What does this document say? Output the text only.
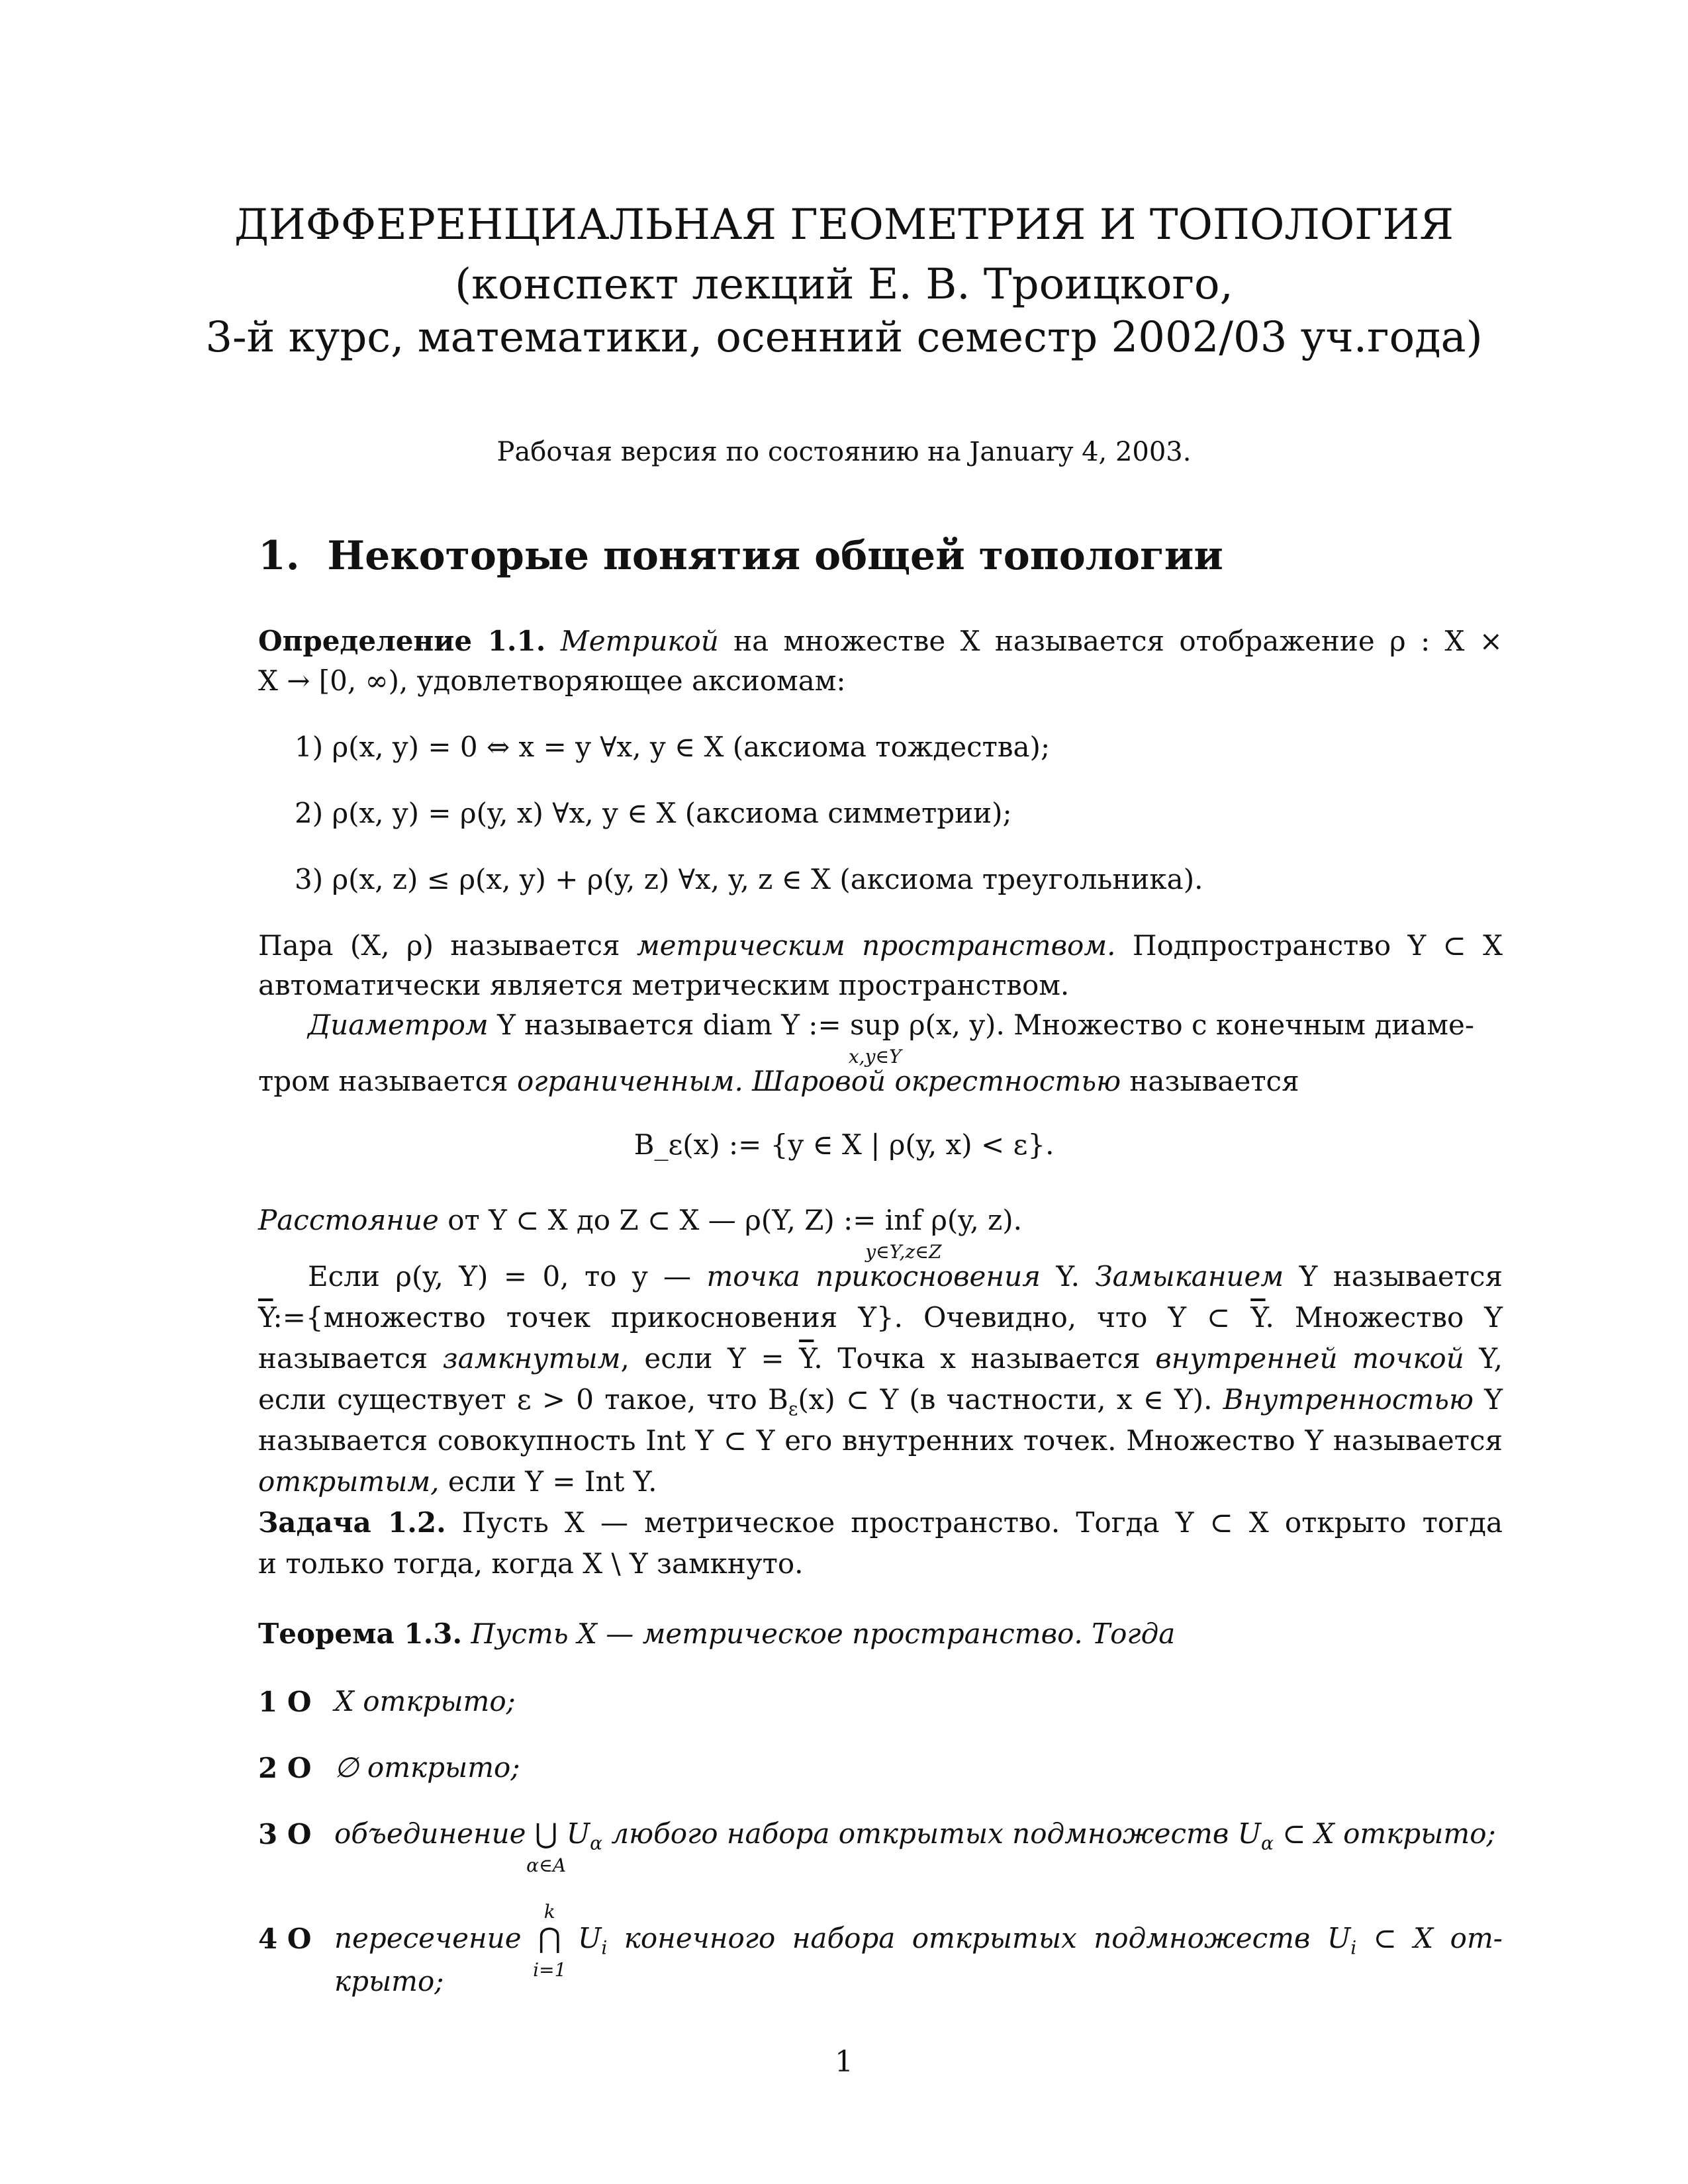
ДИФФЕРЕНЦИАЛЬНАЯ ГЕОМЕТРИЯ И ТОПОЛОГИЯ
(конспект лекций Е. В. Троицкого,
3-й курс, математики, осенний семестр 2002/03 уч.года)
Рабочая версия по состоянию на January 4, 2003.
1. Некоторые понятия общей топологии
Определение 1.1. Метрикой на множестве X называется отображение ρ : X ×
X → [0, ∞), удовлетворяющее аксиомам:
1) ρ(x, y) = 0 ⇔ x = y ∀x, y ∈ X (аксиома тождества);
2) ρ(x, y) = ρ(y, x) ∀x, y ∈ X (аксиома симметрии);
3) ρ(x, z) ≤ ρ(x, y) + ρ(y, z) ∀x, y, z ∈ X (аксиома треугольника).
Пара (X, ρ) называется метрическим пространством. Подпространство Y ⊂ X
автоматически является метрическим пространством.
Диаметром Y называется diam Y := sup
x,y∈Y
ρ(x, y). Множество с конечным диаме-
тром называется ограниченным. Шаровой окрестностью называется
B_ε(x) := {y ∈ X | ρ(y, x) < ε}.
Расстояние от Y ⊂ X до Z ⊂ X — ρ(Y, Z) := inf
y∈Y,z∈Z
ρ(y, z).
Если ρ(y, Y) = 0, то y — точка прикосновения Y. Замыканием Y называется
$\overline{Y}:=\{множество$ точек прикосновения Y}. Очевидно, что Y ⊂ $\overline{Y}$. Множество Y
называется замкнутым, если $Y = \overline{Y}$. Точка x называется внутренней точкой Y,
если существует ε > 0 такое, что $B_\varepsilon(x)$ ⊂ Y (в частности, x ∈ Y). Внутренностью Y
называется совокупность Int Y ⊂ Y его внутренних точек. Множество Y называется
открытым, если Y = Int Y.
Задача 1.2. Пусть X — метрическое пространство. Тогда Y ⊂ X открыто тогда
и только тогда, когда X \ Y замкнуто.
Теорема 1.3. Пусть X — метрическое пространство. Тогда
1 O X открыто;
2 O ∅ открыто;
3 O объединение ⋃
α∈A
$U_\alpha$ любого набора открытых подмножеств $U_\alpha$ ⊂ X открыто;
4 O пересечение
k
⋂
i=1
$U_i$ конечного набора открытых подмножеств $U_i$ ⊂ X от-
крыто;
1
